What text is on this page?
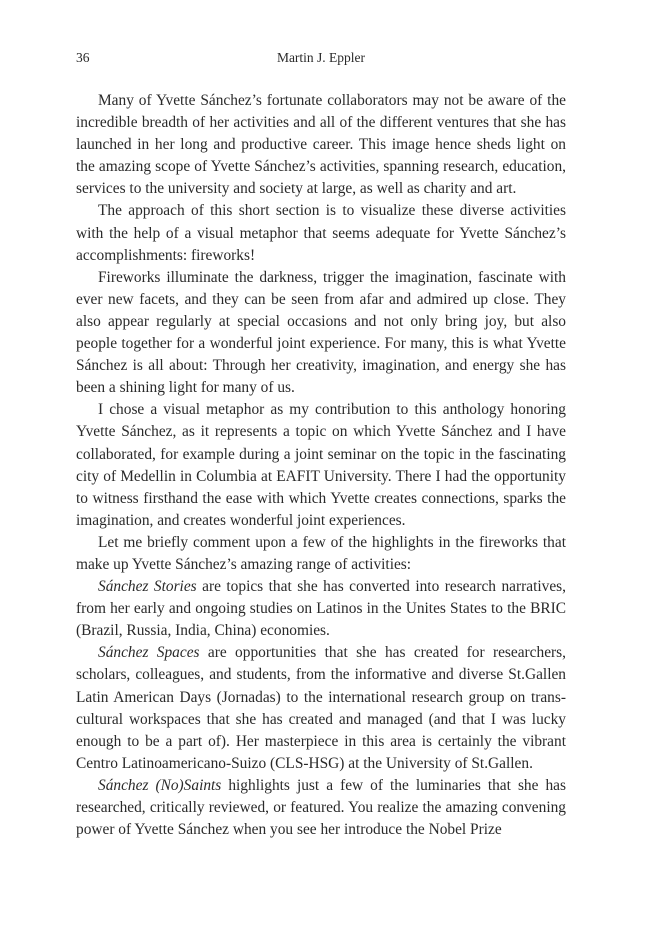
36	Martin J. Eppler

Many of Yvette Sánchez’s fortunate collaborators may not be aware of the incredible breadth of her activities and all of the different ventures that she has launched in her long and productive career. This image hence sheds light on the amazing scope of Yvette Sánchez’s activities, spanning research, education, services to the university and society at large, as well as charity and art.

The approach of this short section is to visualize these diverse activities with the help of a visual metaphor that seems adequate for Yvette Sánchez’s accomplishments: fireworks!

Fireworks illuminate the darkness, trigger the imagination, fascinate with ever new facets, and they can be seen from afar and admired up close. They also appear regularly at special occasions and not only bring joy, but also people together for a wonderful joint experience. For many, this is what Yvette Sánchez is all about: Through her creativity, imagination, and energy she has been a shining light for many of us.

I chose a visual metaphor as my contribution to this anthology honoring Yvette Sánchez, as it represents a topic on which Yvette Sánchez and I have collaborated, for example during a joint seminar on the topic in the fascinating city of Medellin in Columbia at EAFIT University. There I had the opportunity to witness firsthand the ease with which Yvette creates connections, sparks the imagination, and creates wonderful joint experiences.

Let me briefly comment upon a few of the highlights in the fireworks that make up Yvette Sánchez’s amazing range of activities:

Sánchez Stories are topics that she has converted into research narratives, from her early and ongoing studies on Latinos in the Unites States to the BRIC (Brazil, Russia, India, China) economies.

Sánchez Spaces are opportunities that she has created for researchers, scholars, colleagues, and students, from the informative and diverse St.Gallen Latin American Days (Jornadas) to the international research group on transcultural workspaces that she has created and managed (and that I was lucky enough to be a part of). Her masterpiece in this area is certainly the vibrant Centro Latinoamericano-Suizo (CLS-HSG) at the University of St.Gallen.

Sánchez (No)Saints highlights just a few of the luminaries that she has researched, critically reviewed, or featured. You realize the amazing convening power of Yvette Sánchez when you see her introduce the Nobel Prize
